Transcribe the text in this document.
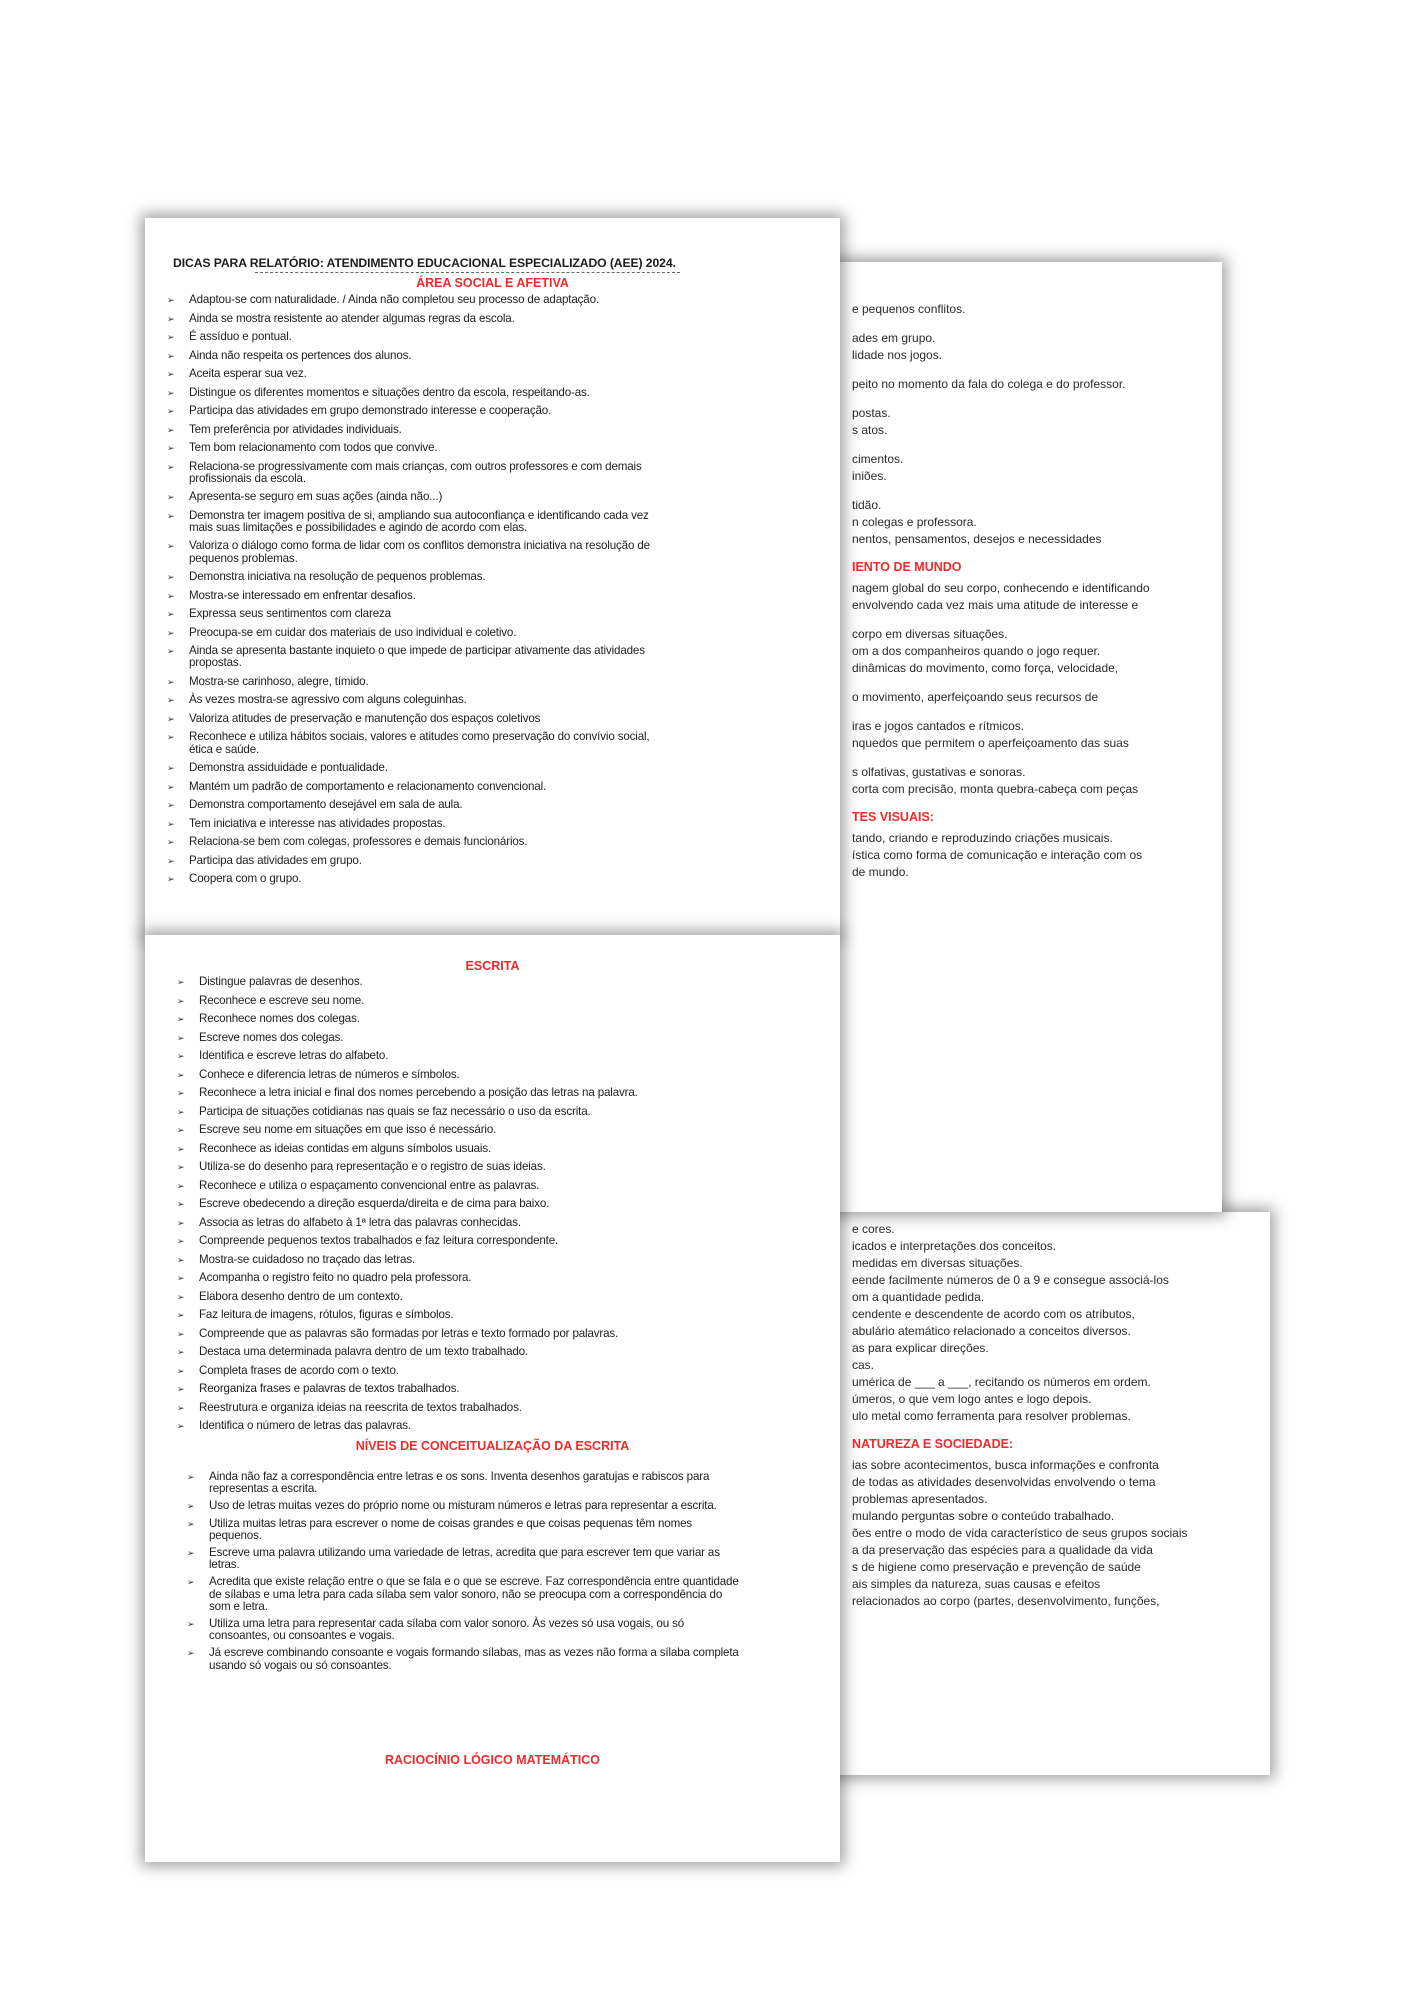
e cores.
icados e interpretações dos conceitos.
medidas em diversas situações.
eende facilmente números de 0 a 9 e consegue associá-los
om a quantidade pedida.
cendente e descendente de acordo com os atributos,
abulário atemático relacionado a conceitos diversos.
as para explicar direções.
cas.
umérica de ___ a ___, recitando os números em ordem.
úmeros, o que vem logo antes e logo depois.
ulo metal como ferramenta para resolver problemas.
NATUREZA E SOCIEDADE:
ias sobre acontecimentos, busca informações e confronta
de todas as atividades desenvolvidas envolvendo o tema
problemas apresentados.
mulando perguntas sobre o conteúdo trabalhado.
ões entre o modo de vida característico de seus grupos sociais
a da preservação das espécies para a qualidade da vida
s de higiene como preservação e prevenção de saúde
ais simples da natureza, suas causas e efeitos
relacionados ao corpo (partes, desenvolvimento, funções,
e pequenos conflitos.
ades em grupo.
lidade nos jogos.
peito no momento da fala do colega e do professor.
postas.
s atos.
cimentos.
iniões.
tidão.
n colegas e professora.
nentos, pensamentos, desejos e necessidades
IENTO DE MUNDO
nagem global do seu corpo, conhecendo e identificando
envolvendo cada vez mais uma atitude de interesse e
corpo em diversas situações.
om a dos companheiros quando o jogo requer.
dinâmicas do movimento, como força, velocidade,
o movimento, aperfeiçoando seus recursos de
iras e jogos cantados e rítmicos.
nquedos que permitem o aperfeiçoamento das suas
s olfativas, gustativas e sonoras.
corta com precisão, monta quebra-cabeça com peças
TES VISUAIS:
tando, criando e reproduzindo criações musicais.
ística como forma de comunicação e interação com os
de mundo.
DICAS PARA RELATÓRIO: ATENDIMENTO EDUCACIONAL ESPECIALIZADO (AEE) 2024.
ÁREA SOCIAL E AFETIVA
➢ Adaptou-se com naturalidade. / Ainda não completou seu processo de adaptação.
➢ Ainda se mostra resistente ao atender algumas regras da escola.
➢ É assíduo e pontual.
➢ Ainda não respeita os pertences dos alunos.
➢ Aceita esperar sua vez.
➢ Distingue os diferentes momentos e situações dentro da escola, respeitando-as.
➢ Participa das atividades em grupo demonstrado interesse e cooperação.
➢ Tem preferência por atividades individuais.
➢ Tem bom relacionamento com todos que convive.
➢ Relaciona-se progressivamente com mais crianças, com outros professores e com demais profissionais da escola.
➢ Apresenta-se seguro em suas ações (ainda não...)
➢ Demonstra ter imagem positiva de si, ampliando sua autoconfiança e identificando cada vez mais suas limitações e possibilidades e agindo de acordo com elas.
➢ Valoriza o diálogo como forma de lidar com os conflitos demonstra iniciativa na resolução de pequenos problemas.
➢ Demonstra iniciativa na resolução de pequenos problemas.
➢ Mostra-se interessado em enfrentar desafios.
➢ Expressa seus sentimentos com clareza
➢ Preocupa-se em cuidar dos materiais de uso individual e coletivo.
➢ Ainda se apresenta bastante inquieto o que impede de participar ativamente das atividades propostas.
➢ Mostra-se carinhoso, alegre, tímido.
➢ Às vezes mostra-se agressivo com alguns coleguinhas.
➢ Valoriza atitudes de preservação e manutenção dos espaços coletivos
➢ Reconhece e utiliza hábitos sociais, valores e atitudes como preservação do convívio social, ética e saúde.
➢ Demonstra assiduidade e pontualidade.
➢ Mantém um padrão de comportamento e relacionamento convencional.
➢ Demonstra comportamento desejável em sala de aula.
➢ Tem iniciativa e interesse nas atividades propostas.
➢ Relaciona-se bem com colegas, professores e demais funcionários.
➢ Participa das atividades em grupo.
➢ Coopera com o grupo.
ESCRITA
➢ Distingue palavras de desenhos.
➢ Reconhece e escreve seu nome.
➢ Reconhece nomes dos colegas.
➢ Escreve nomes dos colegas.
➢ Identifica e escreve letras do alfabeto.
➢ Conhece e diferencia letras de números e símbolos.
➢ Reconhece a letra inicial e final dos nomes percebendo a posição das letras na palavra.
➢ Participa de situações cotidianas nas quais se faz necessário o uso da escrita.
➢ Escreve seu nome em situações em que isso é necessário.
➢ Reconhece as ideias contidas em alguns símbolos usuais.
➢ Utiliza-se do desenho para representação e o registro de suas ideias.
➢ Reconhece e utiliza o espaçamento convencional entre as palavras.
➢ Escreve obedecendo a direção esquerda/direita e de cima para baixo.
➢ Associa as letras do alfabeto à 1ª letra das palavras conhecidas.
➢ Compreende pequenos textos trabalhados e faz leitura correspondente.
➢ Mostra-se cuidadoso no traçado das letras.
➢ Acompanha o registro feito no quadro pela professora.
➢ Elabora desenho dentro de um contexto.
➢ Faz leitura de imagens, rótulos, figuras e símbolos.
➢ Compreende que as palavras são formadas por letras e texto formado por palavras.
➢ Destaca uma determinada palavra dentro de um texto trabalhado.
➢ Completa frases de acordo com o texto.
➢ Reorganiza frases e palavras de textos trabalhados.
➢ Reestrutura e organiza ideias na reescrita de textos trabalhados.
➢ Identifica o número de letras das palavras.
NÍVEIS DE CONCEITUALIZAÇÃO DA ESCRITA
➢ Ainda não faz a correspondência entre letras e os sons. Inventa desenhos garatujas e rabiscos para representas a escrita.
➢ Uso de letras muitas vezes do próprio nome ou misturam números e letras para representar a escrita.
➢ Utiliza muitas letras para escrever o nome de coisas grandes e que coisas pequenas têm nomes pequenos.
➢ Escreve uma palavra utilizando uma variedade de letras, acredita que para escrever tem que variar as letras.
➢ Acredita que existe relação entre o que se fala e o que se escreve. Faz correspondência entre quantidade de sílabas e uma letra para cada sílaba sem valor sonoro, não se preocupa com a correspondência do som e letra.
➢ Utiliza uma letra para representar cada sílaba com valor sonoro. Às vezes só usa vogais, ou só consoantes, ou consoantes e vogais.
➢ Já escreve combinando consoante e vogais formando sílabas, mas as vezes não forma a sílaba completa usando só vogais ou só consoantes.
RACIOCÍNIO LÓGICO MATEMÁTICO
